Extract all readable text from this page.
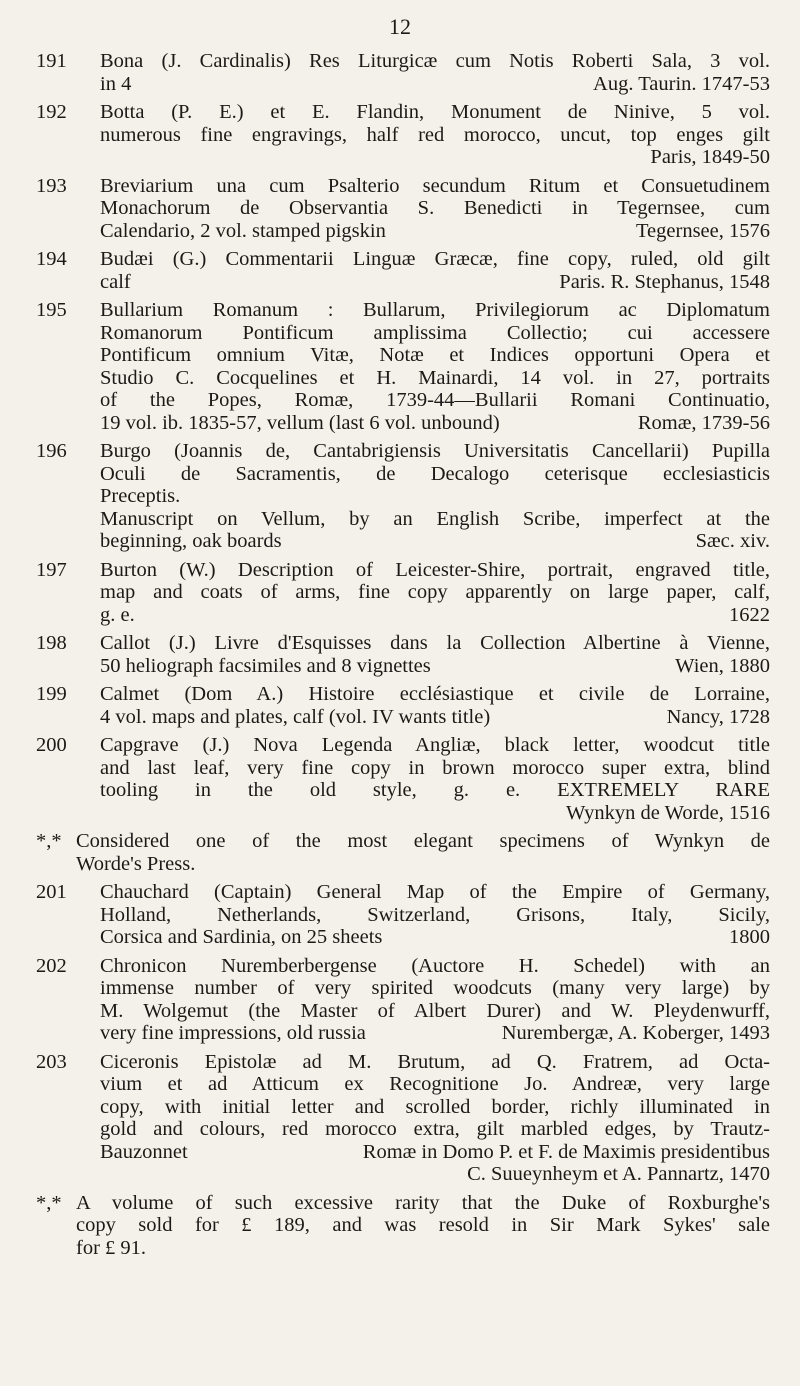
12
191	Bona (J. Cardinalis) Res Liturgicæ cum Notis Roberti Sala, 3 vol.
in 4	Aug. Taurin. 1747-53
192	Botta (P. E.) et E. Flandin, Monument de Ninive, 5 vol.
numerous fine engravings, half red morocco, uncut, top enges gilt
Paris, 1849-50
193	Breviarium una cum Psalterio secundum Ritum et Consuetudinem
Monachorum de Observantia S. Benedicti in Tegernsee, cum
Calendario, 2 vol. stamped pigskin	Tegernsee, 1576
194	Budæi (G.) Commentarii Linguæ Græcæ, fine copy, ruled, old gilt
calf	Paris. R. Stephanus, 1548
195	Bullarium Romanum : Bullarum, Privilegiorum ac Diplomatum
Romanorum Pontificum amplissima Collectio; cui accessere
Pontificum omnium Vitæ, Notæ et Indices opportuni Opera et
Studio C. Cocquelines et H. Mainardi, 14 vol. in 27, portraits
of the Popes, Romæ, 1739-44—Bullarii Romani Continuatio,
19 vol. ib. 1835-57, vellum (last 6 vol. unbound)	Romæ, 1739-56
196	Burgo (Joannis de, Cantabrigiensis Universitatis Cancellarii) Pupilla
Oculi de Sacramentis, de Decalogo ceterisque ecclesiasticis
Preceptis.
Manuscript on Vellum, by an English Scribe, imperfect at the
beginning, oak boards	Sæc. xiv.
197	Burton (W.) Description of Leicester-Shire, portrait, engraved title,
map and coats of arms, fine copy apparently on large paper, calf,
g. e.	1622
198	Callot (J.) Livre d'Esquisses dans la Collection Albertine à Vienne,
50 heliograph facsimiles and 8 vignettes	Wien, 1880
199	Calmet (Dom A.) Histoire ecclésiastique et civile de Lorraine,
4 vol. maps and plates, calf (vol. IV wants title)	Nancy, 1728
200	Capgrave (J.) Nova Legenda Angliæ, black letter, woodcut title
and last leaf, very fine copy in brown morocco super extra, blind
tooling in the old style, g. e. EXTREMELY RARE
Wynkyn de Worde, 1516
*,* Considered one of the most elegant specimens of Wynkyn de
Worde's Press.
201	Chauchard (Captain) General Map of the Empire of Germany,
Holland, Netherlands, Switzerland, Grisons, Italy, Sicily,
Corsica and Sardinia, on 25 sheets	1800
202	Chronicon Nuremberbergense (Auctore H. Schedel) with an
immense number of very spirited woodcuts (many very large) by
M. Wolgemut (the Master of Albert Durer) and W. Pleydenwurff,
very fine impressions, old russia	Nurembergæ, A. Koberger, 1493
203	Ciceronis Epistolæ ad M. Brutum, ad Q. Fratrem, ad Octa-
vium et ad Atticum ex Recognitione Jo. Andreæ, very large
copy, with initial letter and scrolled border, richly illuminated in
gold and colours, red morocco extra, gilt marbled edges, by Trautz-
Bauzonnet	Romæ in Domo P. et F. de Maximis presidentibus
C. Suueynheym et A. Pannartz, 1470
*,* A volume of such excessive rarity that the Duke of Roxburghe's
copy sold for £ 189, and was resold in Sir Mark Sykes' sale
for £ 91.
